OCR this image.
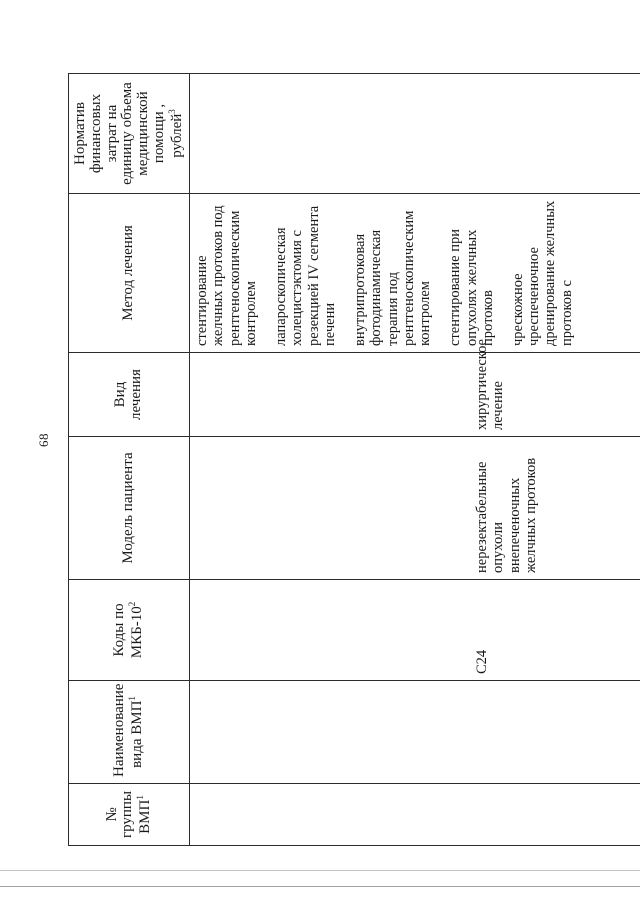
68
№ группы ВМП$^1$	Наименование вида ВМП$^1$	Коды по МКБ-$10^2$	Модель пациента	Вид лечения	Метод лечения	Норматив финансовых затрат на единицу объема медицинской помощи , рублей$^3$

		C24	нерезектабельные опухоли внепеченочных желчных протоков	хирургическое лечение	стентирование желчных протоков под рентгеноскопическим контролем лапароскопическая холецистэктомия с резекцией IV сегмента печени внутрипротоковая фотодинамическая терапия под рентгеноскопическим контролем стентирование при опухолях желчных протоков чрескожное чреспеченочное дренирование желчных протоков с	
